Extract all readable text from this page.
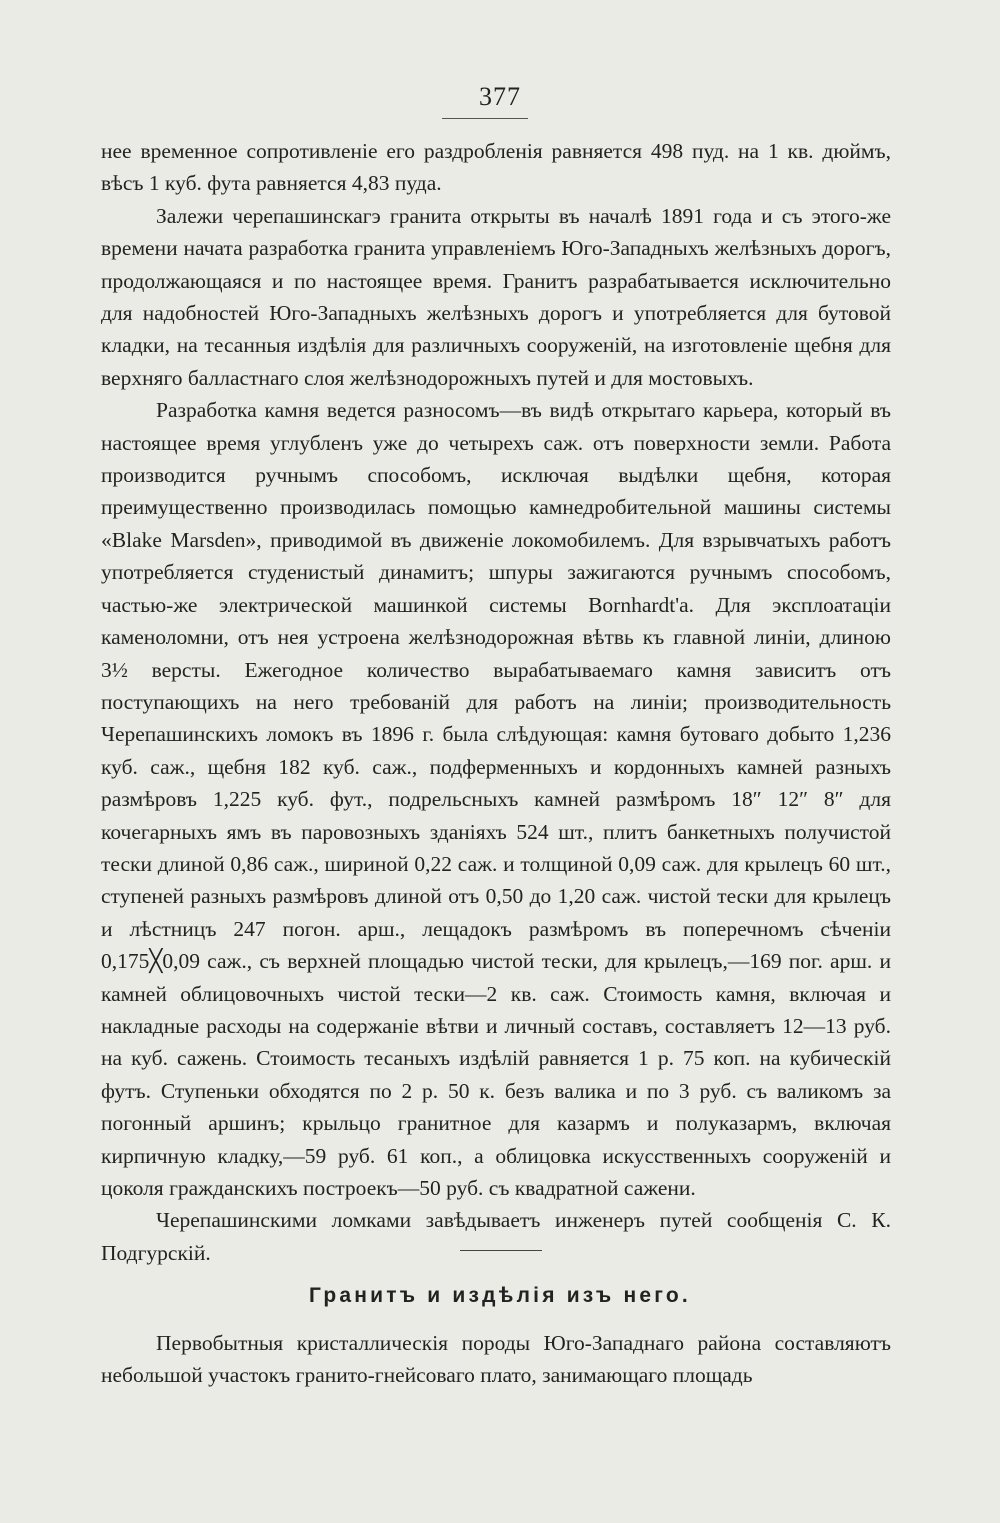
377

нее временное сопротивленіе его раздробленія равняется 498 пуд. на 1 кв. дюймъ, вѣсъ 1 куб. фута равняется 4,83 пуда.

Залежи черепашинскагэ гранита открыты въ началѣ 1891 года и съ этого-же времени начата разработка гранита управленіемъ Юго-Западныхъ желѣзныхъ дорогъ, продолжающаяся и по настоящее время. Гранитъ разрабатывается исключительно для надобностей Юго-Западныхъ желѣзныхъ дорогъ и употребляется для бутовой кладки, на тесанныя издѣлія для различныхъ сооруженій, на изготовленіе щебня для верхняго балластнаго слоя желѣзнодорожныхъ путей и для мостовыхъ.

Разработка камня ведется разносомъ—въ видѣ открытаго карьера, который въ настоящее время углубленъ уже до четырехъ саж. отъ поверхности земли. Работа производится ручнымъ способомъ, исключая выдѣлки щебня, которая преимущественно производилась помощью камнедробительной машины системы «Blake Marsden», приводимой въ движеніе локомобилемъ. Для взрывчатыхъ работъ употребляется студенистый динамитъ; шпуры зажигаются ручнымъ способомъ, частью-же электрической машинкой системы Bornhardt'а. Для эксплоатаціи каменоломни, отъ нея устроена желѣзнодорожная вѣтвь къ главной линіи, длиною 3½ версты. Ежегодное количество вырабатываемаго камня зависитъ отъ поступающихъ на него требованій для работъ на линіи; производительность Черепашинскихъ ломокъ въ 1896 г. была слѣдующая: камня бутоваго добыто 1,236 куб. саж., щебня 182 куб. саж., подферменныхъ и кордонныхъ камней разныхъ размѣровъ 1,225 куб. фут., подрельсныхъ камней размѣромъ 18″ 12″ 8″ для кочегарныхъ ямъ въ паровозныхъ зданіяхъ 524 шт., плитъ банкетныхъ получистой тески длиной 0,86 саж., шириной 0,22 саж. и толщиной 0,09 саж. для крылецъ 60 шт., ступеней разныхъ размѣровъ длиной отъ 0,50 до 1,20 саж. чистой тески для крылецъ и лѣстницъ 247 погон. арш., лещадокъ размѣромъ въ поперечномъ сѣченіи 0,175╳0,09 саж., съ верхней площадью чистой тески, для крылецъ,—169 пог. арш. и камней облицовочныхъ чистой тески—2 кв. саж. Стоимость камня, включая и накладные расходы на содержаніе вѣтви и личный составъ, составляетъ 12—13 руб. на куб. сажень. Стоимость тесаныхъ издѣлій равняется 1 р. 75 коп. на кубическій футъ. Ступеньки обходятся по 2 р. 50 к. безъ валика и по 3 руб. съ валикомъ за погонный аршинъ; крыльцо гранитное для казармъ и полуказармъ, включая кирпичную кладку,—59 руб. 61 коп., а облицовка искусственныхъ сооруженій и цоколя гражданскихъ построекъ—50 руб. съ квадратной сажени.

Черепашинскими ломками завѣдываетъ инженеръ путей сообщенія С. К. Подгурскій.

Гранитъ и издѣлія изъ него.

Первобытныя кристаллическія породы Юго-Западнаго района составляютъ небольшой участокъ гранито-гнейсоваго плато, занимающаго площадь
